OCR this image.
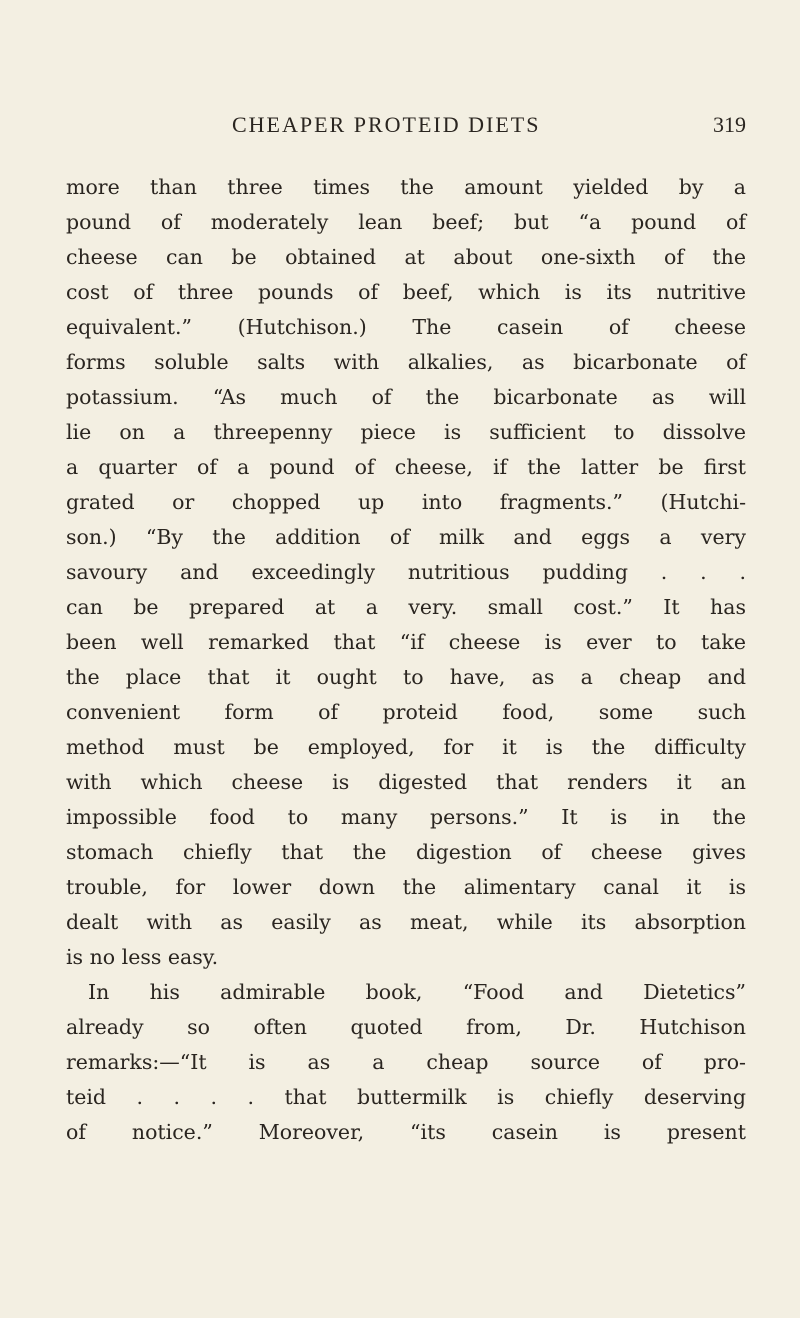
CHEAPER PROTEID DIETS	319
more than three times the amount yielded by a
pound of moderately lean beef; but “a pound of
cheese can be obtained at about one-sixth of the
cost of three pounds of beef, which is its nutritive
equivalent.” (Hutchison.) The casein of cheese
forms soluble salts with alkalies, as bicarbonate of
potassium. “As much of the bicarbonate as will
lie on a threepenny piece is sufficient to dissolve
a quarter of a pound of cheese, if the latter be first
grated or chopped up into fragments.” (Hutchi-
son.) “By the addition of milk and eggs a very
savoury and exceedingly nutritious pudding . . .
can be prepared at a very. small cost.” It has
been well remarked that “if cheese is ever to take
the place that it ought to have, as a cheap and
convenient form of proteid food, some such
method must be employed, for it is the difficulty
with which cheese is digested that renders it an
impossible food to many persons.” It is in the
stomach chiefly that the digestion of cheese gives
trouble, for lower down the alimentary canal it is
dealt with as easily as meat, while its absorption
is no less easy.
In his admirable book, “Food and Dietetics”
already so often quoted from, Dr. Hutchison
remarks:—“It is as a cheap source of pro-
teid . . . . that buttermilk is chiefly deserving
of notice.” Moreover, “its casein is present
